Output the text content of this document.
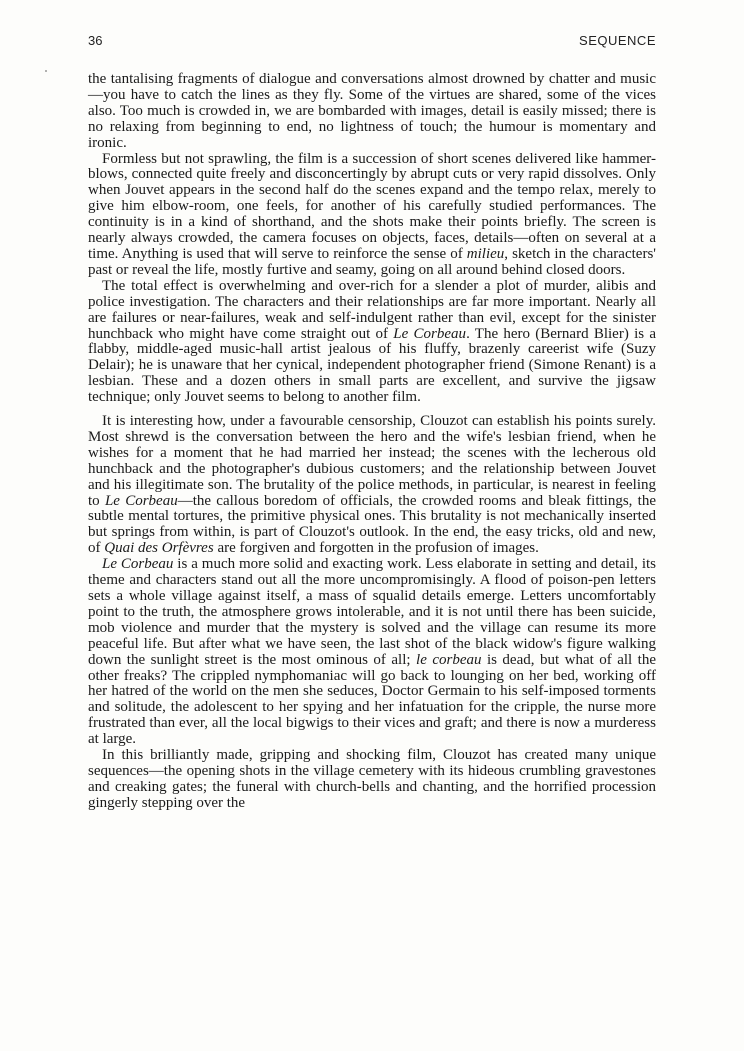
36	SEQUENCE

the tantalising fragments of dialogue and conversations almost drowned by chatter and music—you have to catch the lines as they fly. Some of the virtues are shared, some of the vices also. Too much is crowded in, we are bombarded with images, detail is easily missed; there is no relaxing from beginning to end, no lightness of touch; the humour is momentary and ironic.

Formless but not sprawling, the film is a succession of short scenes delivered like hammer-blows, connected quite freely and disconcertingly by abrupt cuts or very rapid dissolves. Only when Jouvet appears in the second half do the scenes expand and the tempo relax, merely to give him elbow-room, one feels, for another of his carefully studied performances. The continuity is in a kind of shorthand, and the shots make their points briefly. The screen is nearly always crowded, the camera focuses on objects, faces, details—often on several at a time. Anything is used that will serve to reinforce the sense of milieu, sketch in the characters' past or reveal the life, mostly furtive and seamy, going on all around behind closed doors.

The total effect is overwhelming and over-rich for a slender a plot of murder, alibis and police investigation. The characters and their relationships are far more important. Nearly all are failures or near-failures, weak and self-indulgent rather than evil, except for the sinister hunchback who might have come straight out of Le Corbeau. The hero (Bernard Blier) is a flabby, middle-aged music-hall artist jealous of his fluffy, brazenly careerist wife (Suzy Delair); he is unaware that her cynical, independent photographer friend (Simone Renant) is a lesbian. These and a dozen others in small parts are excellent, and survive the jigsaw technique; only Jouvet seems to belong to another film.

It is interesting how, under a favourable censorship, Clouzot can establish his points surely. Most shrewd is the conversation between the hero and the wife's lesbian friend, when he wishes for a moment that he had married her instead; the scenes with the lecherous old hunchback and the photographer's dubious customers; and the relationship between Jouvet and his illegitimate son. The brutality of the police methods, in particular, is nearest in feeling to Le Corbeau—the callous boredom of officials, the crowded rooms and bleak fittings, the subtle mental tortures, the primitive physical ones. This brutality is not mechanically inserted but springs from within, is part of Clouzot's outlook. In the end, the easy tricks, old and new, of Quai des Orfèvres are forgiven and forgotten in the profusion of images.

Le Corbeau is a much more solid and exacting work. Less elaborate in setting and detail, its theme and characters stand out all the more uncompromisingly. A flood of poison-pen letters sets a whole village against itself, a mass of squalid details emerge. Letters uncomfortably point to the truth, the atmosphere grows intolerable, and it is not until there has been suicide, mob violence and murder that the mystery is solved and the village can resume its more peaceful life. But after what we have seen, the last shot of the black widow's figure walking down the sunlight street is the most ominous of all; le corbeau is dead, but what of all the other freaks? The crippled nymphomaniac will go back to lounging on her bed, working off her hatred of the world on the men she seduces, Doctor Germain to his self-imposed torments and solitude, the adolescent to her spying and her infatuation for the cripple, the nurse more frustrated than ever, all the local bigwigs to their vices and graft; and there is now a murderess at large.

In this brilliantly made, gripping and shocking film, Clouzot has created many unique sequences—the opening shots in the village cemetery with its hideous crumbling gravestones and creaking gates; the funeral with church-bells and chanting, and the horrified procession gingerly stepping over the
